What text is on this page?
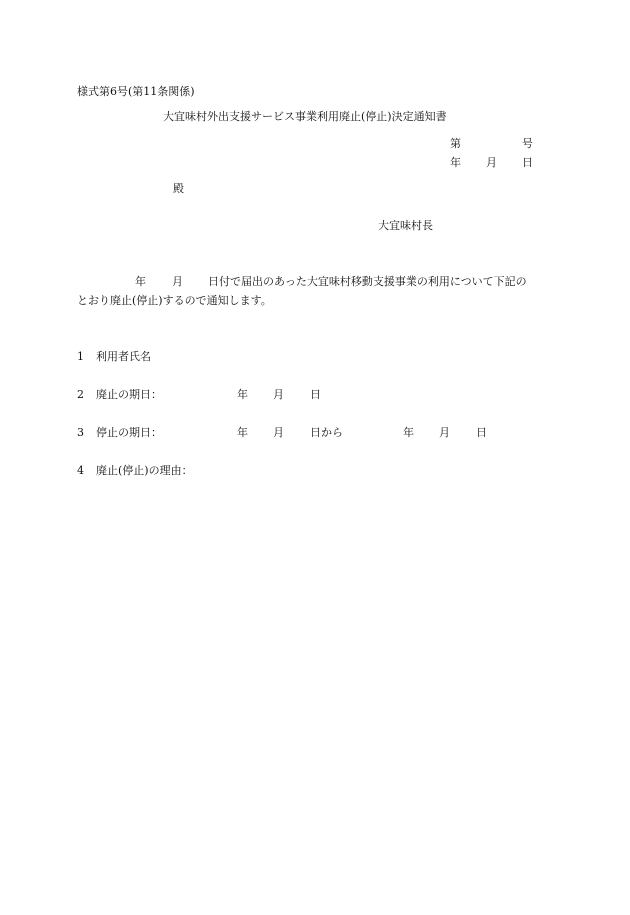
様式第6号(第11条関係)
大宜味村外出支援サービス事業利用廃止(停止)決定通知書
第	号
年 月 日
殿
大宜味村長
年 月 日付で届出のあった大宜味村移動支援事業の利用について下記の
とおり廃止(停止)するので通知します。
1 利用者氏名
2 廃止の期日：	年 月 日
3 停止の期日：	年 月 日から	年 月 日
4 廃止(停止)の理由：
